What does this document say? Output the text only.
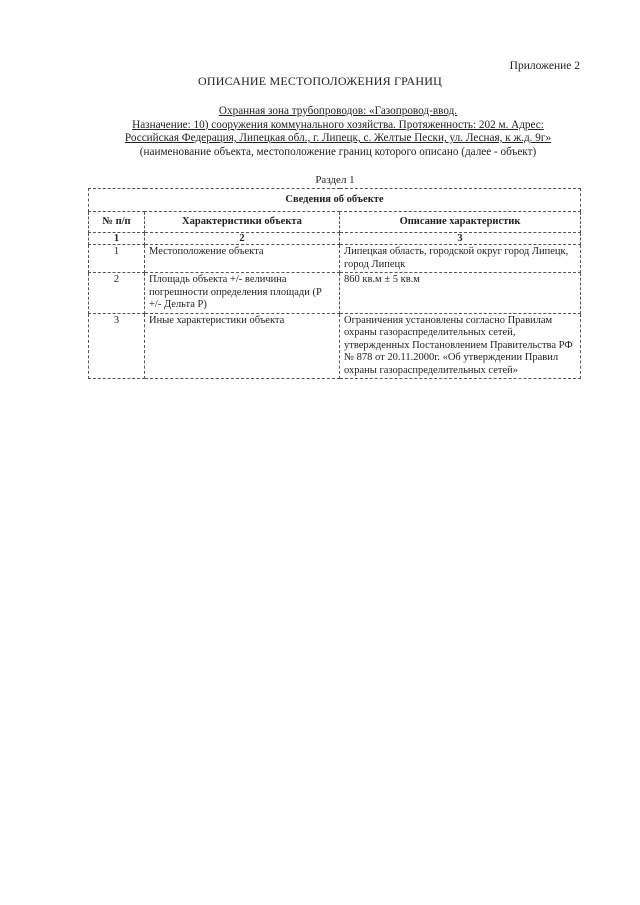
Приложение 2
ОПИСАНИЕ МЕСТОПОЛОЖЕНИЯ ГРАНИЦ
Охранная зона трубопроводов: «Газопровод-ввод.
Назначение: 10) сооружения коммунального хозяйства. Протяженность: 202 м. Адрес:
Российская Федерация, Липецкая обл., г. Липецк, с. Желтые Пески, ул. Лесная, к ж.д. 9г»
(наименование объекта, местоположение границ которого описано (далее - объект)
Раздел 1
Сведения об объекте		
№ п/п	Характеристики объекта	Описание характеристик
1	2	3
1	Местоположение объекта	Липецкая область, городской округ город Липецк, город Липецк
2	Площадь объекта +/- величина погрешности определения площади (P +/- Дельта P)	860 кв.м ± 5 кв.м
3	Иные характеристики объекта	Ограничения установлены согласно Правилам охраны газораспределительных сетей, утвержденных Постановлением Правительства РФ № 878 от 20.11.2000г. «Об утверждении Правил охраны газораспределительных сетей»
